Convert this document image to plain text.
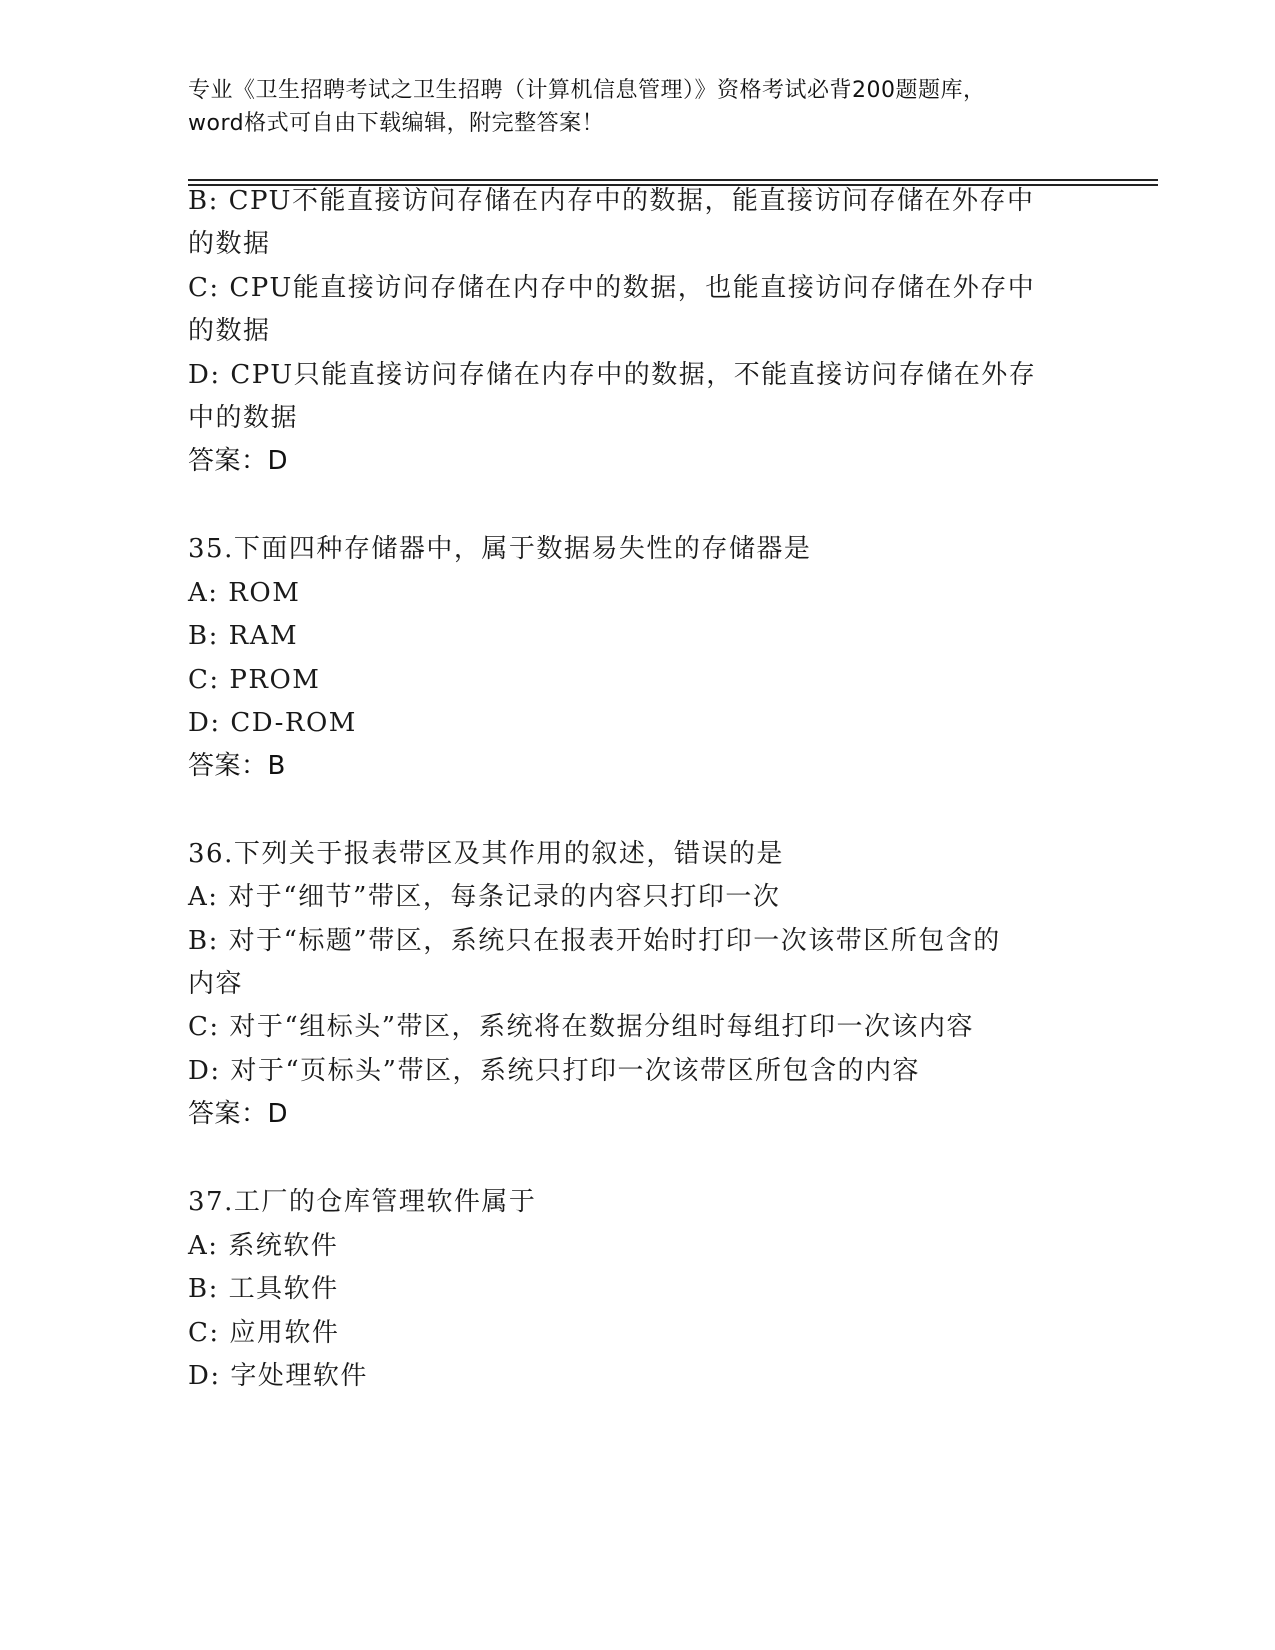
专业《卫生招聘考试之卫生招聘（计算机信息管理）》资格考试必背200题题库，
word格式可自由下载编辑，附完整答案！
B: CPU不能直接访问存储在内存中的数据，能直接访问存储在外存中
的数据
C: CPU能直接访问存储在内存中的数据，也能直接访问存储在外存中
的数据
D: CPU只能直接访问存储在内存中的数据，不能直接访问存储在外存
中的数据
答案：D
35.下面四种存储器中，属于数据易失性的存储器是
A: ROM
B: RAM
C: PROM
D: CD-ROM
答案：B
36.下列关于报表带区及其作用的叙述，错误的是
A: 对于“细节”带区，每条记录的内容只打印一次
B: 对于“标题”带区，系统只在报表开始时打印一次该带区所包含的
内容
C: 对于“组标头”带区，系统将在数据分组时每组打印一次该内容
D: 对于“页标头”带区，系统只打印一次该带区所包含的内容
答案：D
37.工厂的仓库管理软件属于
A: 系统软件
B: 工具软件
C: 应用软件
D: 字处理软件
